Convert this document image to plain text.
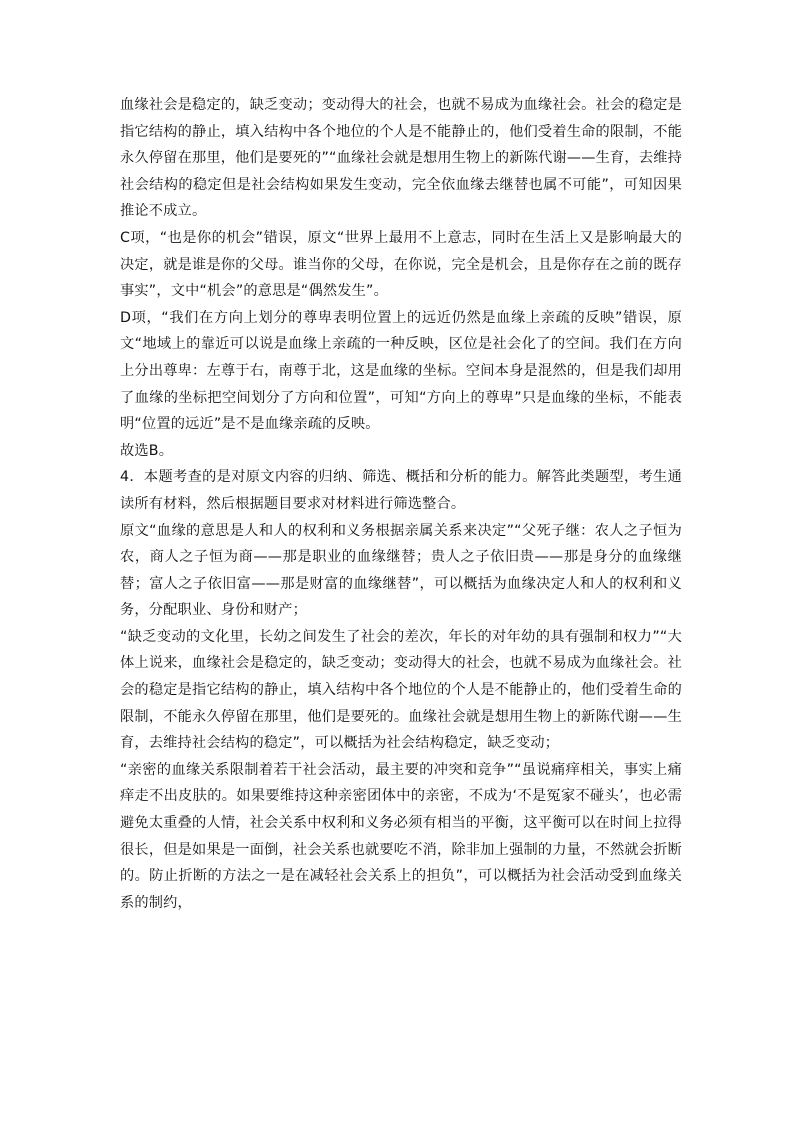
血缘社会是稳定的，缺乏变动；变动得大的社会，也就不易成为血缘社会。社会的稳定是指它结构的静止，填入结构中各个地位的个人是不能静止的，他们受着生命的限制，不能永久停留在那里，他们是要死的”“血缘社会就是想用生物上的新陈代谢——生育，去维持社会结构的稳定但是社会结构如果发生变动，完全依血缘去继替也属不可能”，可知因果推论不成立。

C项，“也是你的机会”错误，原文“世界上最用不上意志，同时在生活上又是影响最大的决定，就是谁是你的父母。谁当你的父母，在你说，完全是机会，且是你存在之前的既存事实”，文中“机会”的意思是“偶然发生”。

D项，“我们在方向上划分的尊卑表明位置上的远近仍然是血缘上亲疏的反映”错误，原文“地域上的靠近可以说是血缘上亲疏的一种反映，区位是社会化了的空间。我们在方向上分出尊卑：左尊于右，南尊于北，这是血缘的坐标。空间本身是混然的，但是我们却用了血缘的坐标把空间划分了方向和位置”，可知“方向上的尊卑”只是血缘的坐标，不能表明“位置的远近”是不是血缘亲疏的反映。

故选B。

4．本题考查的是对原文内容的归纳、筛选、概括和分析的能力。解答此类题型，考生通读所有材料，然后根据题目要求对材料进行筛选整合。

原文“血缘的意思是人和人的权利和义务根据亲属关系来决定”“父死子继：农人之子恒为农，商人之子恒为商——那是职业的血缘继替；贵人之子依旧贵——那是身分的血缘继替；富人之子依旧富——那是财富的血缘继替”，可以概括为血缘决定人和人的权利和义务，分配职业、身份和财产；

“缺乏变动的文化里，长幼之间发生了社会的差次，年长的对年幼的具有强制和权力”“大体上说来，血缘社会是稳定的，缺乏变动；变动得大的社会，也就不易成为血缘社会。社会的稳定是指它结构的静止，填入结构中各个地位的个人是不能静止的，他们受着生命的限制，不能永久停留在那里，他们是要死的。血缘社会就是想用生物上的新陈代谢——生育，去维持社会结构的稳定”，可以概括为社会结构稳定，缺乏变动；

“亲密的血缘关系限制着若干社会活动，最主要的冲突和竞争”“虽说痛痒相关，事实上痛痒走不出皮肤的。如果要维持这种亲密团体中的亲密，不成为‘不是冤家不碰头’，也必需避免太重叠的人情，社会关系中权利和义务必须有相当的平衡，这平衡可以在时间上拉得很长，但是如果是一面倒，社会关系也就要吃不消，除非加上强制的力量，不然就会折断的。防止折断的方法之一是在减轻社会关系上的担负”，可以概括为社会活动受到血缘关系的制约，
